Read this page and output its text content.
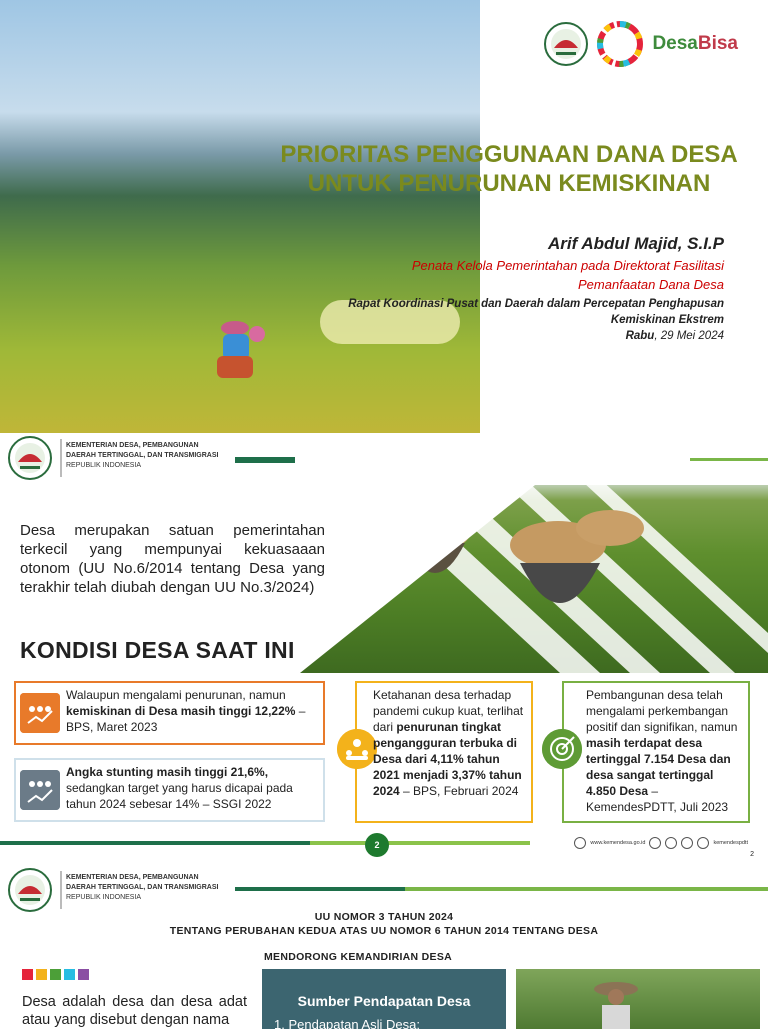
DesaBisa
PRIORITAS PENGGUNAAN DANA DESA
UNTUK PENURUNAN KEMISKINAN
Arif Abdul Majid, S.I.P
Penata Kelola Pemerintahan pada Direktorat Fasilitasi
Pemanfaatan Dana Desa
Rapat Koordinasi Pusat dan Daerah dalam Percepatan Penghapusan
Kemiskinan Ekstrem
Rabu, 29 Mei 2024
KEMENTERIAN DESA, PEMBANGUNAN
DAERAH TERTINGGAL, DAN TRANSMIGRASI
REPUBLIK INDONESIA
Desa merupakan satuan pemerintahan terkecil yang mempunyai kekuasaaan otonom (UU No.6/2014 tentang Desa yang terakhir telah diubah dengan UU No.3/2024)
KONDISI DESA SAAT INI
Walaupun mengalami penurunan, namun kemiskinan di Desa masih tinggi 12,22% – BPS, Maret 2023
Angka stunting masih tinggi 21,6%, sedangkan target yang harus dicapai pada tahun 2024 sebesar 14% – SSGI 2022
Ketahanan desa terhadap pandemi cukup kuat, terlihat dari penurunan tingkat pengangguran terbuka di Desa dari 4,11% tahun 2021 menjadi 3,37% tahun 2024 – BPS, Februari 2024
Pembangunan desa telah mengalami perkembangan positif dan signifikan, namun masih terdapat desa tertinggal 7.154 Desa dan desa sangat tertinggal 4.850 Desa – KemendesPDTT, Juli 2023
2	www.kemendesa.go.id	kemendespdtt
2
KEMENTERIAN DESA, PEMBANGUNAN
DAERAH TERTINGGAL, DAN TRANSMIGRASI
REPUBLIK INDONESIA
UU NOMOR 3 TAHUN 2024
TENTANG PERUBAHAN KEDUA ATAS UU NOMOR 6 TAHUN 2014 TENTANG DESA
MENDORONG KEMANDIRIAN DESA
Desa adalah desa dan desa adat atau yang disebut dengan nama
Sumber Pendapatan Desa
1. Pendapatan Asli Desa;
